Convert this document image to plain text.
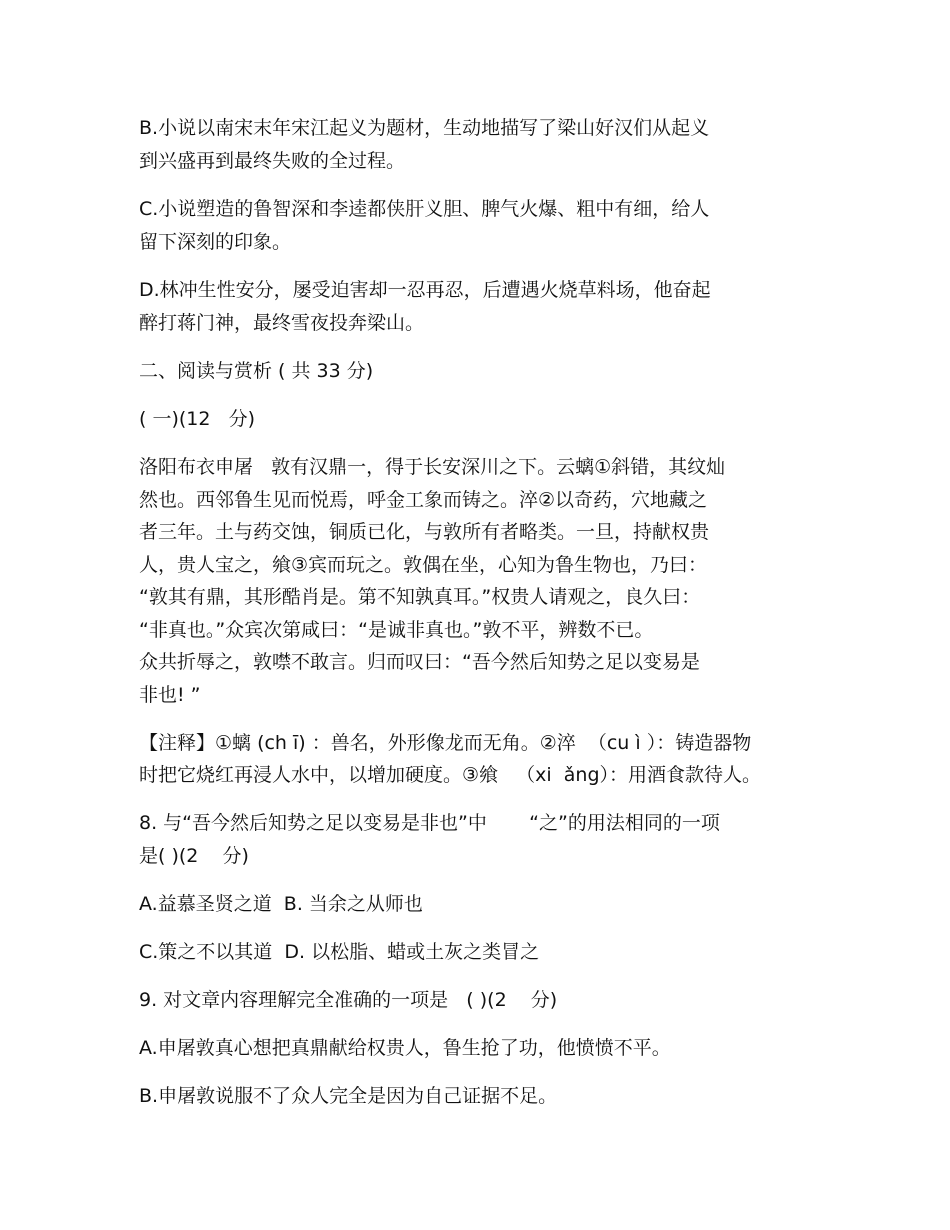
B.小说以南宋末年宋江起义为题材，生动地描写了梁山好汉们从起义
到兴盛再到最终失败的全过程。
C.小说塑造的鲁智深和李逵都侠肝义胆、脾气火爆、粗中有细，给人
留下深刻的印象。
D.林冲生性安分，屡受迫害却一忍再忍，后遭遇火烧草料场，他奋起
醉打蒋门神，最终雪夜投奔梁山。
二、阅读与赏析 ( 共 33 分)
( 一)(12   分)
洛阳布衣申屠   敦有汉鼎一，得于长安深川之下。云螭①斜错，其纹灿
然也。西邻鲁生见而悦焉，呼金工象而铸之。淬②以奇药，穴地藏之
者三年。土与药交蚀，铜质已化，与敦所有者略类。一旦，持献权贵
人，贵人宝之，飨③宾而玩之。敦偶在坐，心知为鲁生物也，乃曰：
“敦其有鼎，其形酷肖是。第不知孰真耳。”权贵人请观之，良久曰：
“非真也。”众宾次第咸曰：“是诚非真也。”敦不平，辨数不已。
众共折辱之，敦噤不敢言。归而叹曰：“吾今然后知势之足以变易是
非也! ”
【注释】①螭 (ch ī) ：兽名，外形像龙而无角。②淬  （cu ì ）：铸造器物
时把它烧红再浸人水中，以增加硬度。③飨   （xi  ǎng）：用酒食款待人。
8. 与“吾今然后知势之足以变易是非也”中       “之”的用法相同的一项
是( )(2    分)
A.益慕圣贤之道  B. 当余之从师也
C.策之不以其道  D. 以松脂、蜡或土灰之类冒之
9. 对文章内容理解完全准确的一项是   ( )(2    分)
A.申屠敦真心想把真鼎献给权贵人，鲁生抢了功，他愤愤不平。
B.申屠敦说服不了众人完全是因为自己证据不足。
